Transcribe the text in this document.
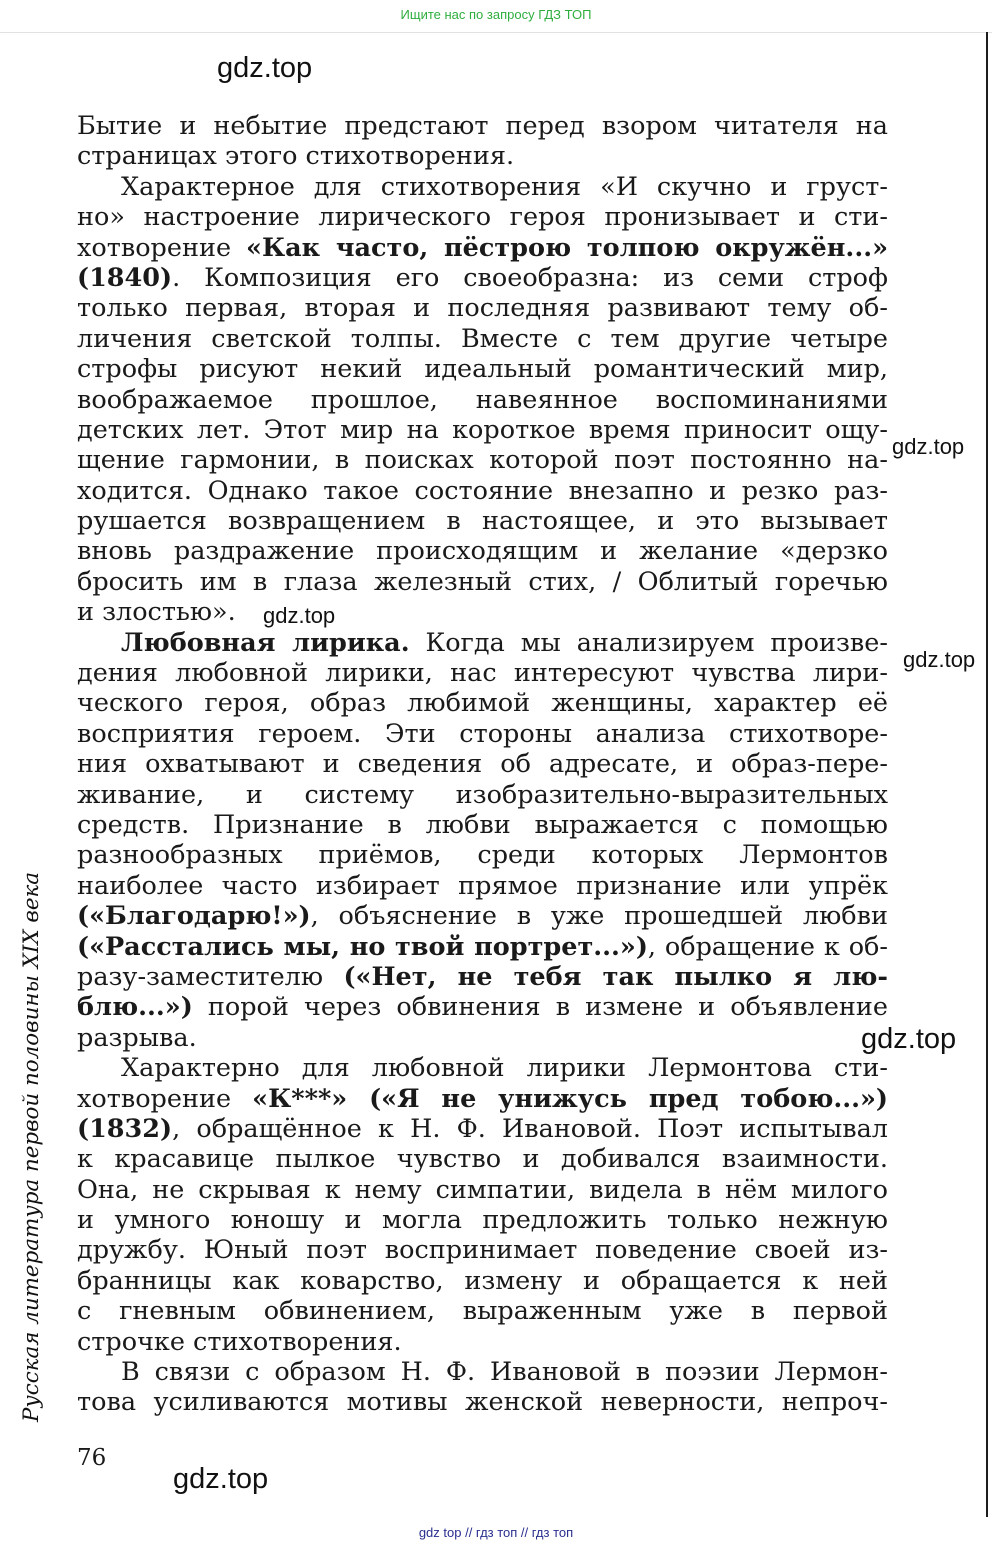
Ищите нас по запросу ГДЗ ТОП
gdz.top
gdz.top
gdz.top
gdz.top
gdz.top
gdz.top
Русская литература первой половины XIX века
Бытие и небытие предстают перед взором читателя на
страницах этого стихотворения.
Характерное для стихотворения «И скучно и груст-
но» настроение лирического героя пронизывает и сти-
хотворение «Как часто, пёстрою толпою окружён...»
(1840). Композиция его своеобразна: из семи строф
только первая, вторая и последняя развивают тему об-
личения светской толпы. Вместе с тем другие четыре
строфы рисуют некий идеальный романтический мир,
воображаемое прошлое, навеянное воспоминаниями
детских лет. Этот мир на короткое время приносит ощу-
щение гармонии, в поисках которой поэт постоянно на-
ходится. Однако такое состояние внезапно и резко раз-
рушается возвращением в настоящее, и это вызывает
вновь раздражение происходящим и желание «дерзко
бросить им в глаза железный стих, / Облитый горечью
и злостью».
Любовная лирика. Когда мы анализируем произве-
дения любовной лирики, нас интересуют чувства лири-
ческого героя, образ любимой женщины, характер её
восприятия героем. Эти стороны анализа стихотворе-
ния охватывают и сведения об адресате, и образ-пере-
живание, и систему изобразительно-выразительных
средств. Признание в любви выражается с помощью
разнообразных приёмов, среди которых Лермонтов
наиболее часто избирает прямое признание или упрёк
(«Благодарю!»), объяснение в уже прошедшей любви
(«Расстались мы, но твой портрет...»), обращение к об-
разу-заместителю («Нет, не тебя так пылко я лю-
блю...») порой через обвинения в измене и объявление
разрыва.
Характерно для любовной лирики Лермонтова сти-
хотворение «К***» («Я не унижусь пред тобою...»)
(1832), обращённое к Н. Ф. Ивановой. Поэт испытывал
к красавице пылкое чувство и добивался взаимности.
Она, не скрывая к нему симпатии, видела в нём милого
и умного юношу и могла предложить только нежную
дружбу. Юный поэт воспринимает поведение своей из-
бранницы как коварство, измену и обращается к ней
с гневным обвинением, выраженным уже в первой
строчке стихотворения.
В связи с образом Н. Ф. Ивановой в поэзии Лермон-
това усиливаются мотивы женской неверности, непроч-
76
gdz top // гдз топ // гдз топ
